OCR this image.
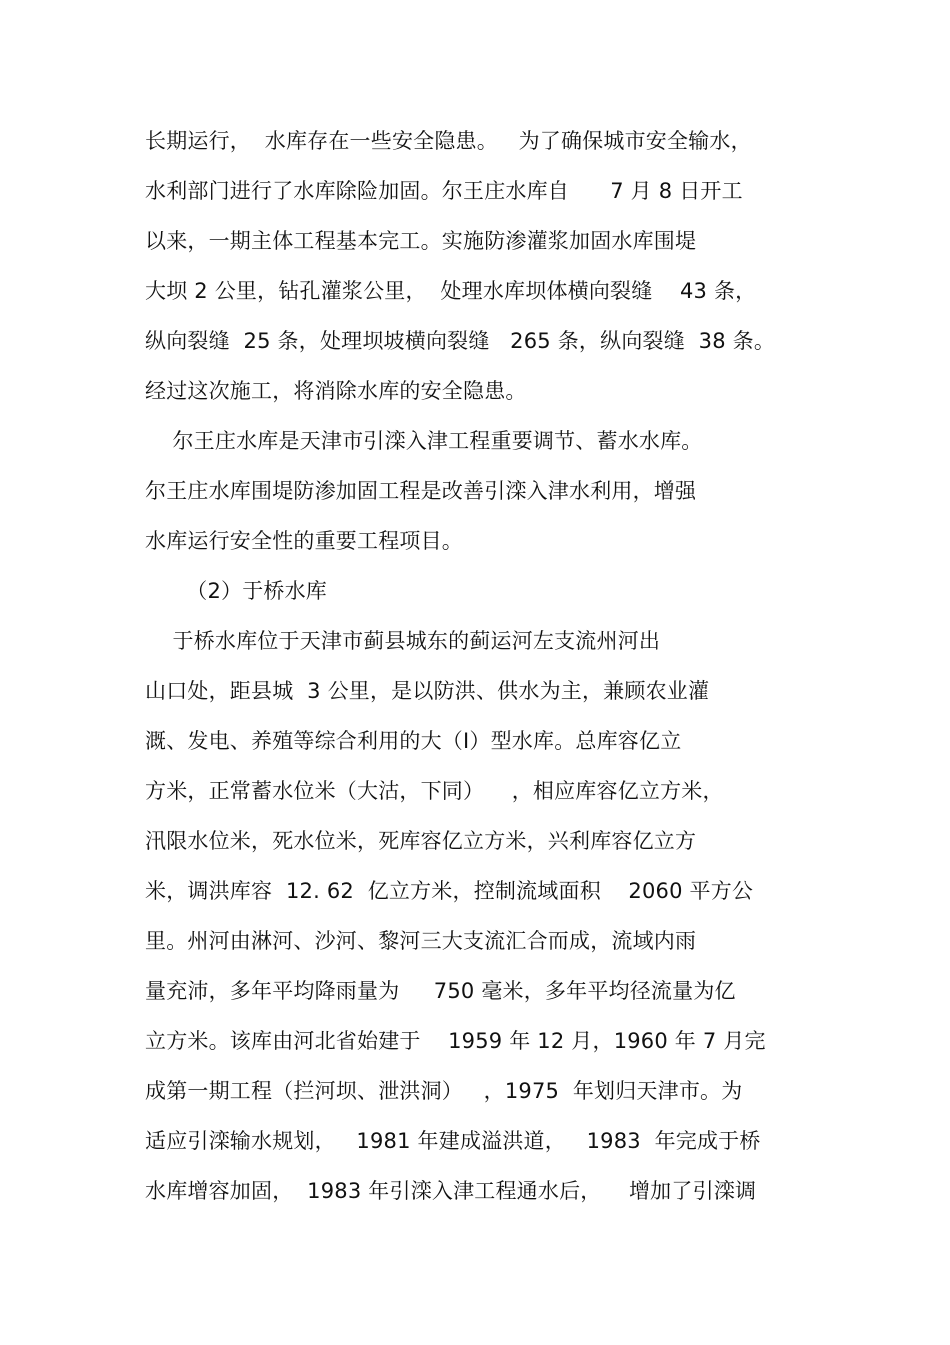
长期运行，  水库存在一些安全隐患。   为了确保城市安全输水，

水利部门进行了水库除险加固。尔王庄水库自      7 月 8 日开工

以来，一期主体工程基本完工。实施防渗灌浆加固水库围堤

大坝 2 公里，钻孔灌浆公里，  处理水库坝体横向裂缝    43 条，

纵向裂缝  25 条，处理坝坡横向裂缝   265 条，纵向裂缝  38 条。

经过这次施工，将消除水库的安全隐患。

尔王庄水库是天津市引滦入津工程重要调节、蓄水水库。

尔王庄水库围堤防渗加固工程是改善引滦入津水利用，增强

水库运行安全性的重要工程项目。

（2）于桥水库

于桥水库位于天津市蓟县城东的蓟运河左支流州河出

山口处，距县城  3 公里，是以防洪、供水为主，兼顾农业灌

溉、发电、养殖等综合利用的大（Ⅰ）型水库。总库容亿立

方米，正常蓄水位米（大沽，下同）    ，相应库容亿立方米，

汛限水位米，死水位米，死库容亿立方米，兴利库容亿立方

米，调洪库容  12. 62  亿立方米，控制流域面积    2060 平方公

里。州河由淋河、沙河、黎河三大支流汇合而成，流域内雨

量充沛，多年平均降雨量为     750 毫米，多年平均径流量为亿

立方米。该库由河北省始建于    1959 年 12 月，1960 年 7 月完

成第一期工程（拦河坝、泄洪洞）   ，1975  年划归天津市。为

适应引滦输水规划，   1981 年建成溢洪道，   1983  年完成于桥

水库增容加固，  1983 年引滦入津工程通水后，    增加了引滦调
